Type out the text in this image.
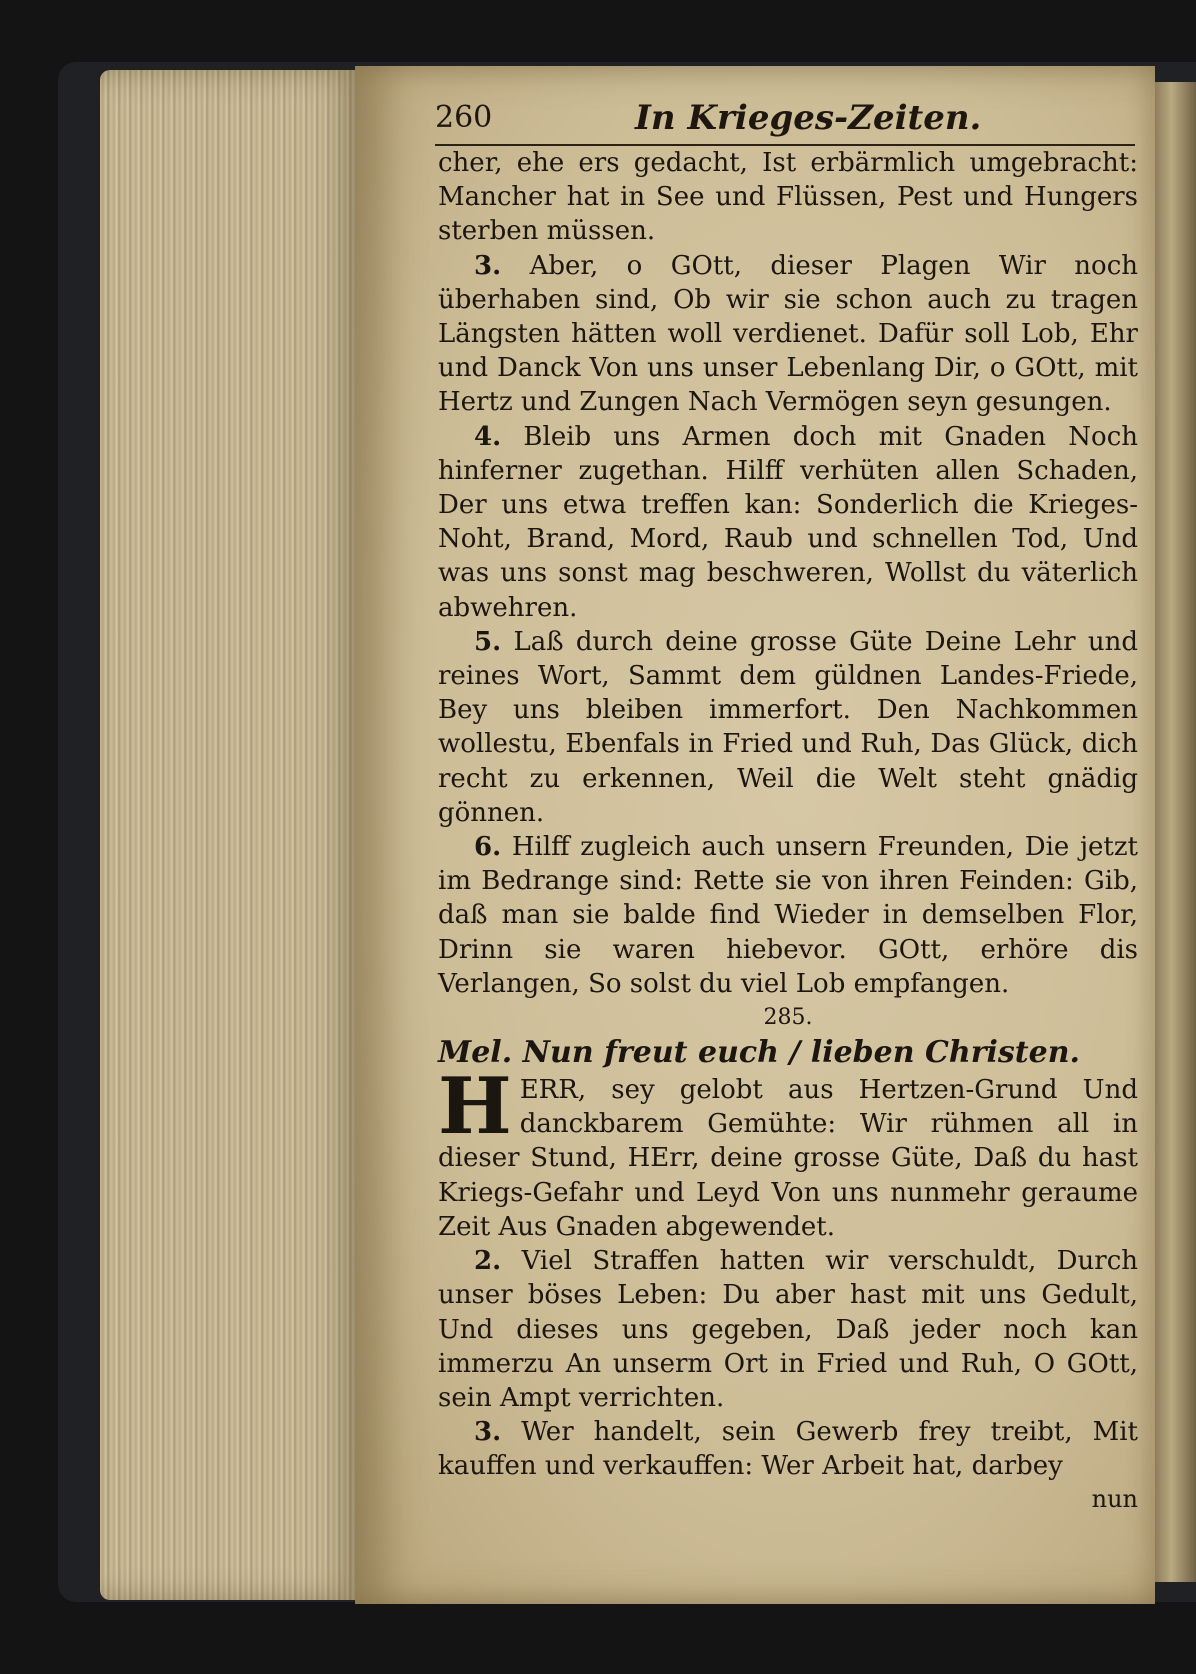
260	In Krieges-Zeiten.

cher, ehe ers gedacht, Ist erbärmlich umgebracht: Mancher hat in See und Flüssen, Pest und Hungers sterben müssen.

3. Aber, o GOtt, dieser Plagen Wir noch überhaben sind, Ob wir sie schon auch zu tragen Längsten hätten woll verdienet. Dafür soll Lob, Ehr und Danck Von uns unser Lebenlang Dir, o GOtt, mit Hertz und Zungen Nach Vermögen seyn gesungen.

4. Bleib uns Armen doch mit Gnaden Noch hinferner zugethan. Hilff verhüten allen Schaden, Der uns etwa treffen kan: Sonderlich die Krieges-Noht, Brand, Mord, Raub und schnellen Tod, Und was uns sonst mag beschweren, Wollst du väterlich abwehren.

5. Laß durch deine grosse Güte Deine Lehr und reines Wort, Sammt dem güldnen Landes-Friede, Bey uns bleiben immerfort. Den Nachkommen wollestu, Ebenfals in Fried und Ruh, Das Glück, dich recht zu erkennen, Weil die Welt steht gnädig gönnen.

6. Hilff zugleich auch unsern Freunden, Die jetzt im Bedrange sind: Rette sie von ihren Feinden: Gib, daß man sie balde find Wieder in demselben Flor, Drinn sie waren hiebevor. GOtt, erhöre dis Verlangen, So solst du viel Lob empfangen.

285.

Mel. Nun freut euch / lieben Christen.

H ERR, sey gelobt aus Hertzen-Grund Und danckbarem Gemühte: Wir rühmen all in dieser Stund, HErr, deine grosse Güte, Daß du hast Kriegs-Gefahr und Leyd Von uns nunmehr geraume Zeit Aus Gnaden abgewendet.

2. Viel Straffen hatten wir verschuldt, Durch unser böses Leben: Du aber hast mit uns Gedult, Und dieses uns gegeben, Daß jeder noch kan immerzu An unserm Ort in Fried und Ruh, O GOtt, sein Ampt verrichten.

3. Wer handelt, sein Gewerb frey treibt, Mit kauffen und verkauffen: Wer Arbeit hat, darbey

nun
